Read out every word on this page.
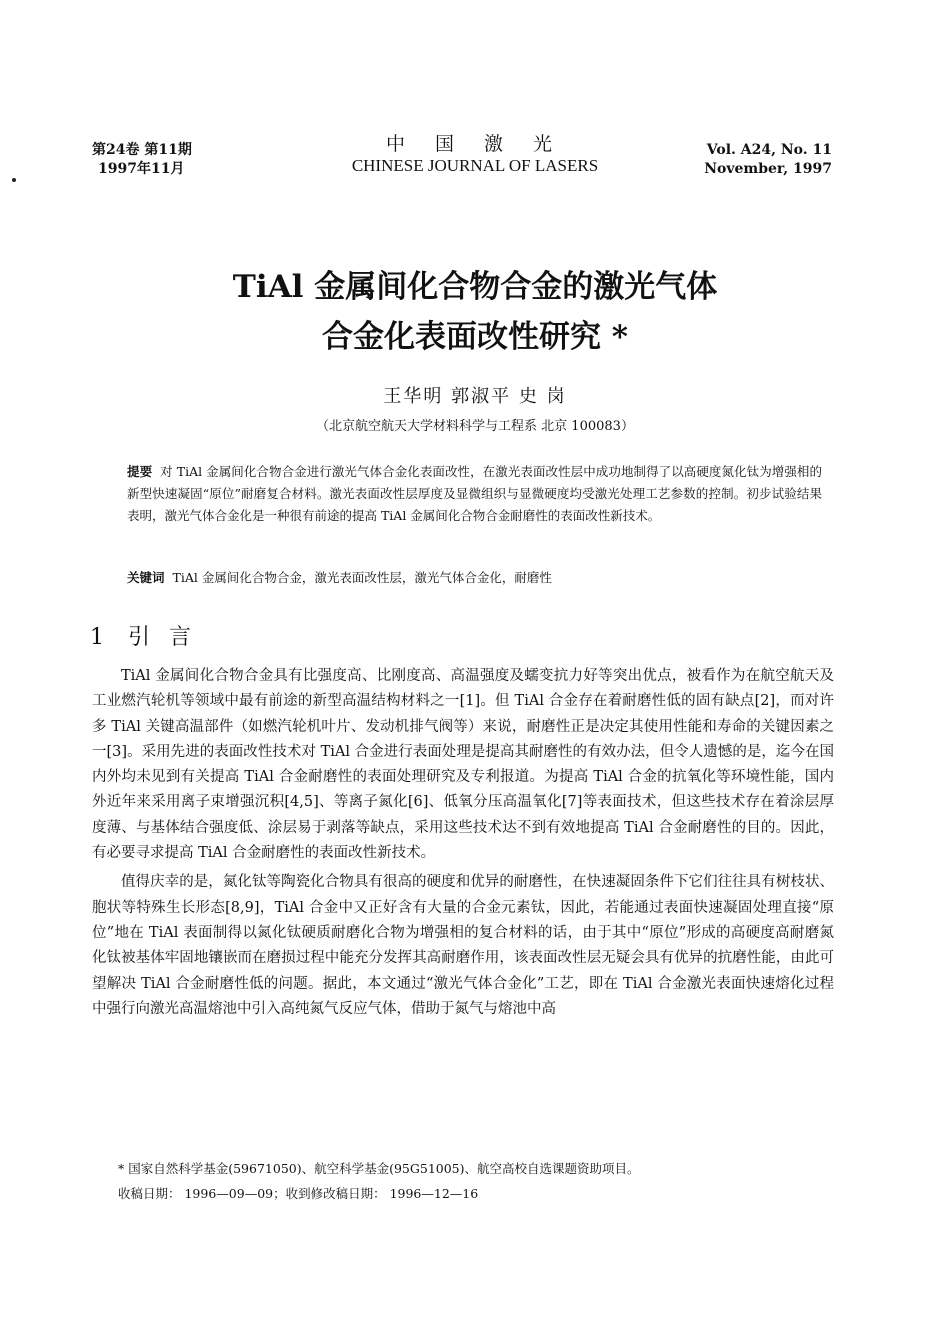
第24卷 第11期
1997年11月
中 国 激 光
CHINESE JOURNAL OF LASERS
Vol. A24, No. 11
November, 1997
TiAl 金属间化合物合金的激光气体
合金化表面改性研究 *
王华明 郭淑平 史 岗
（北京航空航天大学材料科学与工程系 北京 100083）
提要 对 TiAl 金属间化合物合金进行激光气体合金化表面改性，在激光表面改性层中成功地制得了以高硬度氮化钛为增强相的新型快速凝固“原位”耐磨复合材料。激光表面改性层厚度及显微组织与显微硬度均受激光处理工艺参数的控制。初步试验结果表明，激光气体合金化是一种很有前途的提高 TiAl 金属间化合物合金耐磨性的表面改性新技术。
关键词 TiAl 金属间化合物合金，激光表面改性层，激光气体合金化，耐磨性
1 引 言

TiAl 金属间化合物合金具有比强度高、比刚度高、高温强度及蠕变抗力好等突出优点，被看作为在航空航天及工业燃汽轮机等领域中最有前途的新型高温结构材料之一[1]。但 TiAl 合金存在着耐磨性低的固有缺点[2]，而对许多 TiAl 关键高温部件（如燃汽轮机叶片、发动机排气阀等）来说，耐磨性正是决定其使用性能和寿命的关键因素之一[3]。采用先进的表面改性技术对 TiAl 合金进行表面处理是提高其耐磨性的有效办法，但令人遗憾的是，迄今在国内外均未见到有关提高 TiAl 合金耐磨性的表面处理研究及专利报道。为提高 TiAl 合金的抗氧化等环境性能，国内外近年来采用离子束增强沉积[4,5]、等离子氮化[6]、低氧分压高温氧化[7]等表面技术，但这些技术存在着涂层厚度薄、与基体结合强度低、涂层易于剥落等缺点，采用这些技术达不到有效地提高 TiAl 合金耐磨性的目的。因此，有必要寻求提高 TiAl 合金耐磨性的表面改性新技术。

值得庆幸的是，氮化钛等陶瓷化合物具有很高的硬度和优异的耐磨性，在快速凝固条件下它们往往具有树枝状、胞状等特殊生长形态[8,9]，TiAl 合金中又正好含有大量的合金元素钛，因此，若能通过表面快速凝固处理直接“原位”地在 TiAl 表面制得以氮化钛硬质耐磨化合物为增强相的复合材料的话，由于其中“原位”形成的高硬度高耐磨氮化钛被基体牢固地镶嵌而在磨损过程中能充分发挥其高耐磨作用，该表面改性层无疑会具有优异的抗磨性能，由此可望解决 TiAl 合金耐磨性低的问题。据此，本文通过“激光气体合金化”工艺，即在 TiAl 合金激光表面快速熔化过程中强行向激光高温熔池中引入高纯氮气反应气体，借助于氮气与熔池中高

* 国家自然科学基金(59671050)、航空科学基金(95G51005)、航空高校自选课题资助项目。
收稿日期： 1996—09—09；收到修改稿日期： 1996—12—16
